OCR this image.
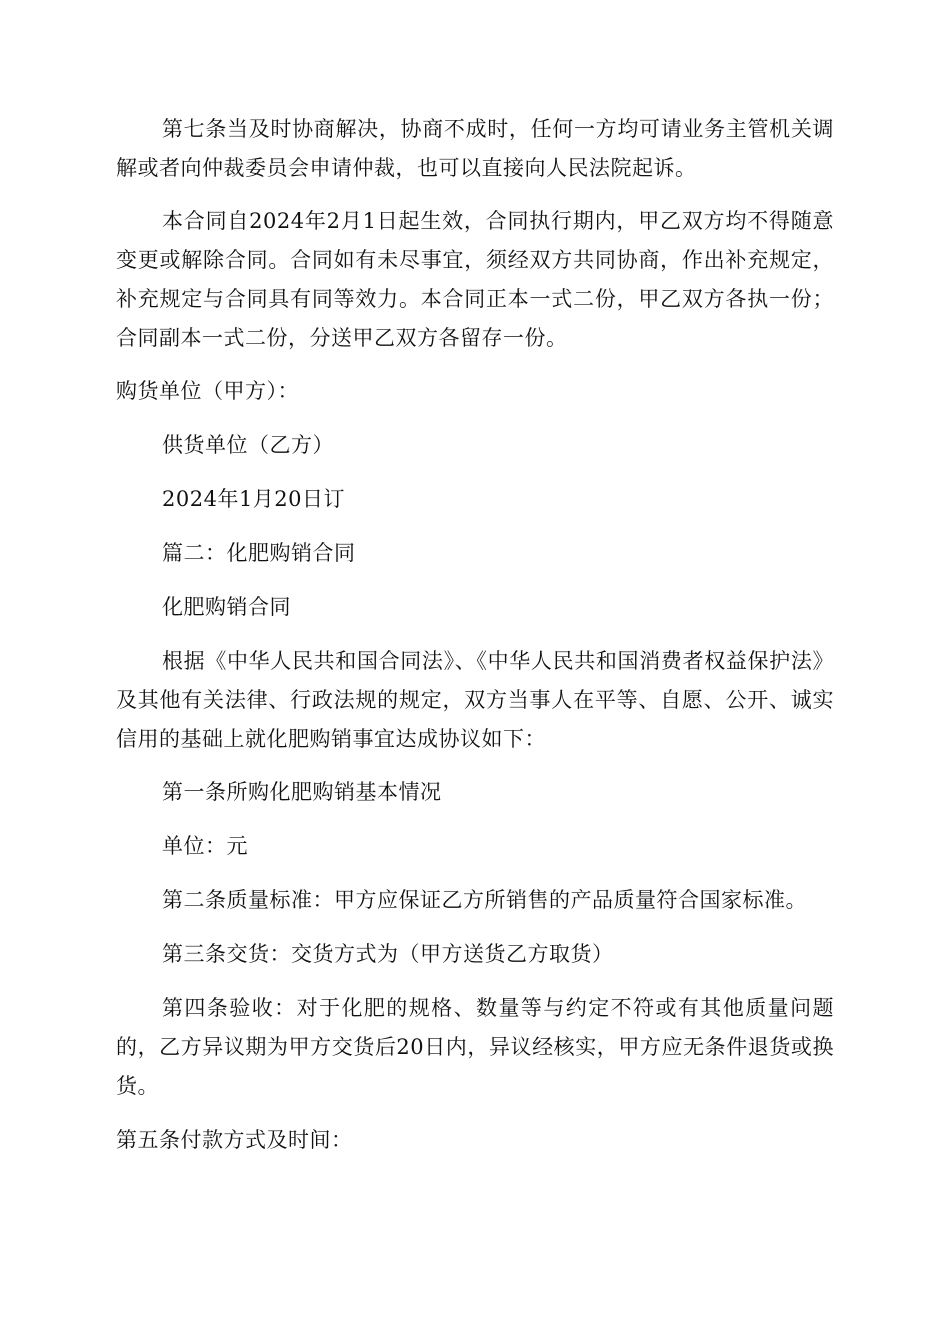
第七条当及时协商解决，协商不成时，任何一方均可请业务主管机关调解或者向仲裁委员会申请仲裁，也可以直接向人民法院起诉。

本合同自2024年2月1日起生效，合同执行期内，甲乙双方均不得随意变更或解除合同。合同如有未尽事宜，须经双方共同协商，作出补充规定，补充规定与合同具有同等效力。本合同正本一式二份，甲乙双方各执一份；合同副本一式二份，分送甲乙双方各留存一份。

购货单位（甲方）：

供货单位（乙方）

2024年1月20日订

篇二：化肥购销合同

化肥购销合同

根据《中华人民共和国合同法》、《中华人民共和国消费者权益保护法》及其他有关法律、行政法规的规定，双方当事人在平等、自愿、公开、诚实信用的基础上就化肥购销事宜达成协议如下：

第一条所购化肥购销基本情况

单位：元

第二条质量标准：甲方应保证乙方所销售的产品质量符合国家标准。

第三条交货：交货方式为（甲方送货乙方取货）

第四条验收：对于化肥的规格、数量等与约定不符或有其他质量问题的，乙方异议期为甲方交货后20日内，异议经核实，甲方应无条件退货或换货。

第五条付款方式及时间：
